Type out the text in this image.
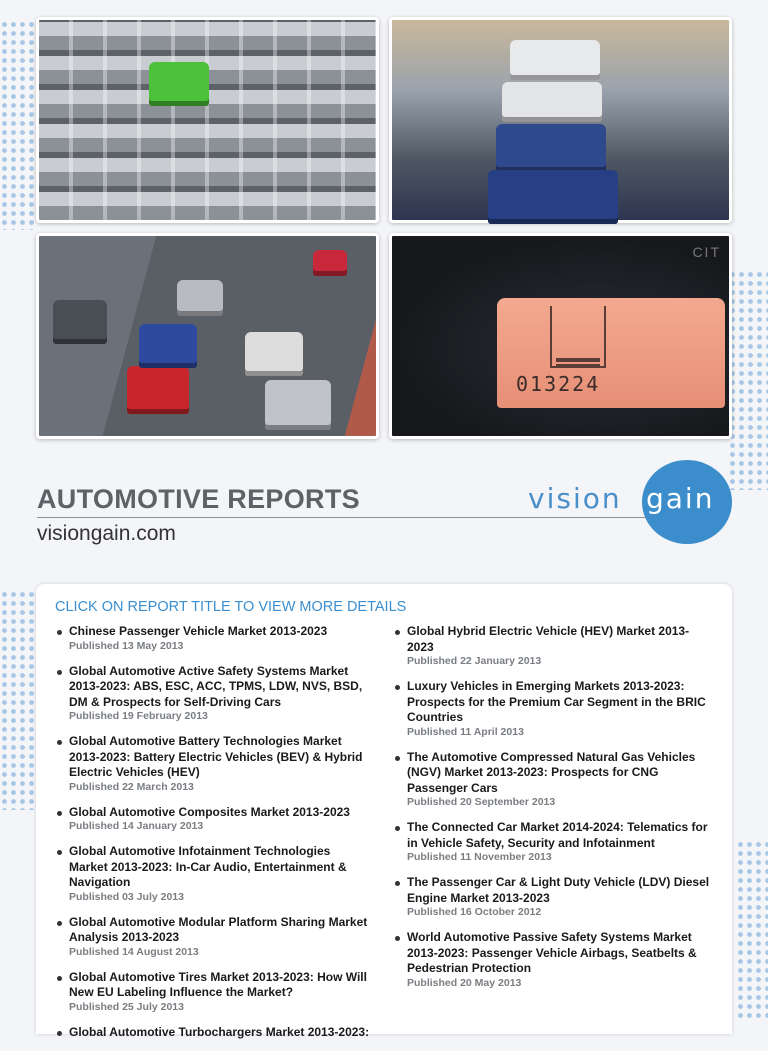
CIT
013224
AUTOMOTIVE REPORTS
visiongain.com
vision gain
CLICK ON REPORT TITLE TO VIEW MORE DETAILS
Chinese Passenger Vehicle Market 2013-2023
Published 13 May 2013
Global Automotive Active Safety Systems Market 2013-2023: ABS, ESC, ACC, TPMS, LDW, NVS, BSD, DM & Prospects for Self-Driving Cars
Published 19 February 2013
Global Automotive Battery Technologies Market 2013-2023: Battery Electric Vehicles (BEV) & Hybrid Electric Vehicles (HEV)
Published 22 March 2013
Global Automotive Composites Market 2013-2023
Published 14 January 2013
Global Automotive Infotainment Technologies Market 2013-2023: In-Car Audio, Entertainment & Navigation
Published 03 July 2013
Global Automotive Modular Platform Sharing Market Analysis 2013-2023
Published 14 August 2013
Global Automotive Tires Market 2013-2023: How Will New EU Labeling Influence the Market?
Published 25 July 2013
Global Automotive Turbochargers Market 2013-2023:
Global Hybrid Electric Vehicle (HEV) Market 2013-2023
Published 22 January 2013
Luxury Vehicles in Emerging Markets 2013-2023: Prospects for the Premium Car Segment in the BRIC Countries
Published 11 April 2013
The Automotive Compressed Natural Gas Vehicles (NGV) Market 2013-2023: Prospects for CNG Passenger Cars
Published 20 September 2013
The Connected Car Market 2014-2024: Telematics for in Vehicle Safety, Security and Infotainment
Published 11 November 2013
The Passenger Car & Light Duty Vehicle (LDV) Diesel Engine Market 2013-2023
Published 16 October 2012
World Automotive Passive Safety Systems Market 2013-2023: Passenger Vehicle Airbags, Seatbelts & Pedestrian Protection
Published 20 May 2013
